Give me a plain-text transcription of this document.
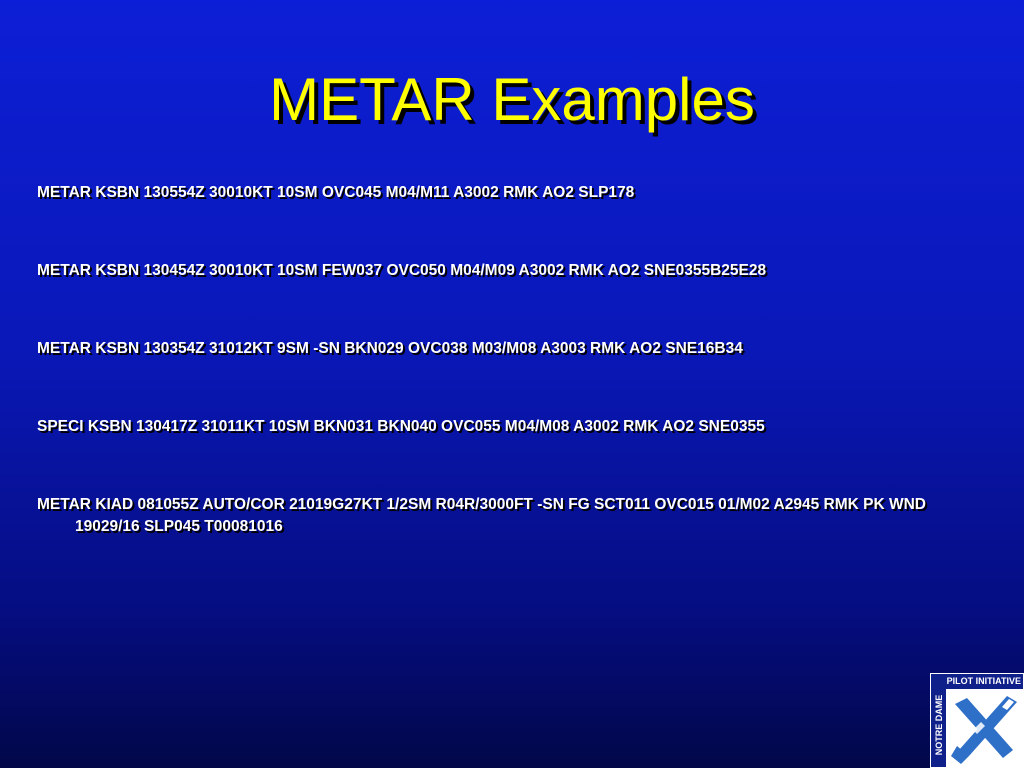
METAR Examples
METAR KSBN 130554Z 30010KT 10SM OVC045 M04/M11 A3002 RMK AO2 SLP178
METAR KSBN 130454Z 30010KT 10SM FEW037 OVC050 M04/M09 A3002 RMK AO2 SNE0355B25E28
METAR KSBN 130354Z 31012KT 9SM -SN BKN029 OVC038 M03/M08 A3003 RMK AO2 SNE16B34
SPECI KSBN 130417Z 31011KT 10SM BKN031 BKN040 OVC055 M04/M08 A3002 RMK AO2 SNE0355
METAR KIAD 081055Z AUTO/COR 21019G27KT 1/2SM R04R/3000FT -SN FG SCT011 OVC015 01/M02 A2945 RMK PK WND 19029/16 SLP045 T00081016
PILOT INITIATIVE
NOTRE DAME
